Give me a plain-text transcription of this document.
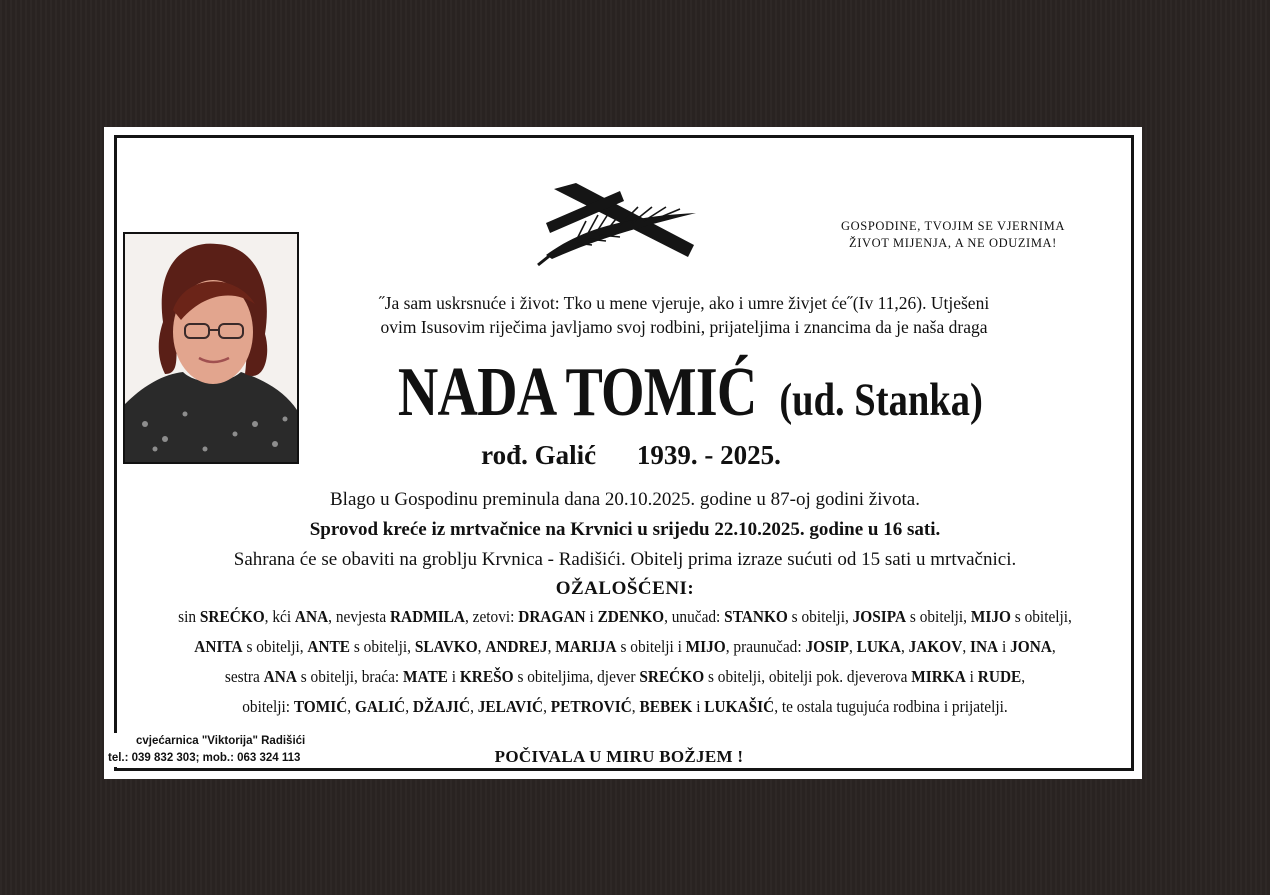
GOSPODINE, TVOJIM SE VJERNIMA
ŽIVOT MIJENJA, A NE ODUZIMA!
˝Ja sam uskrsnuće i život: Tko u mene vjeruje, ako i umre živjet će˝(Iv 11,26). Utješeni
ovim Isusovim riječima javljamo svoj rodbini, prijateljima i znancima da je naša draga
NADA TOMIĆ (ud. Stanka)
rođ. Galić 1939. - 2025.
Blago u Gospodinu preminula dana 20.10.2025. godine u 87-oj godini života.
Sprovod kreće iz mrtvačnice na Krvnici u srijedu 22.10.2025. godine u 16 sati.
Sahrana će se obaviti na groblju Krvnica - Radišići. Obitelj prima izraze sućuti od 15 sati u mrtvačnici.
OŽALOŠĆENI:
sin SREĆKO, kći ANA, nevjesta RADMILA, zetovi: DRAGAN i ZDENKO, unučad: STANKO s obitelji, JOSIPA s obitelji, MIJO s obitelji,
ANITA s obitelji, ANTE s obitelji, SLAVKO, ANDREJ, MARIJA s obitelji i MIJO, praunučad: JOSIP, LUKA, JAKOV, INA i JONA,
sestra ANA s obitelji, braća: MATE i KREŠO s obiteljima, djever SREĆKO s obitelji, obitelji pok. djeverova MIRKA i RUDE,
obitelji: TOMIĆ, GALIĆ, DŽAJIĆ, JELAVIĆ, PETROVIĆ, BEBEK i LUKAŠIĆ, te ostala tugujuća rodbina i prijatelji.
POČIVALA U MIRU BOŽJEM !
cvjećarnica "Viktorija" Radišići
tel.: 039 832 303; mob.: 063 324 113
